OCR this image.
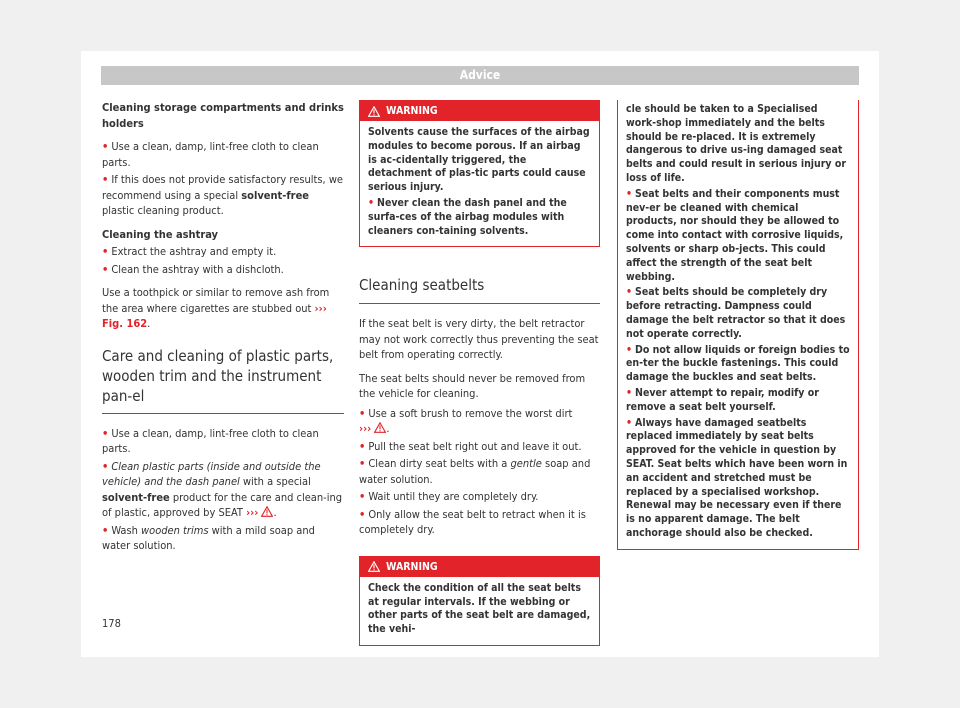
Advice

Cleaning storage compartments and drinks holders

• Use a clean, damp, lint-free cloth to clean parts.

• If this does not provide satisfactory results, we recommend using a special solvent-free plastic cleaning product.

Cleaning the ashtray

• Extract the ashtray and empty it.

• Clean the ashtray with a dishcloth.

Use a toothpick or similar to remove ash from the area where cigarettes are stubbed out ››› Fig. 162.

Care and cleaning of plastic parts, wooden trim and the instrument pan-el

• Use a clean, damp, lint-free cloth to clean parts.

• Clean plastic parts (inside and outside the vehicle) and the dash panel with a special solvent-free product for the care and clean-ing of plastic, approved by SEAT ››› .

• Wash wooden trims with a mild soap and water solution.

WARNING

Solvents cause the surfaces of the airbag modules to become porous. If an airbag is ac-cidentally triggered, the detachment of plas-tic parts could cause serious injury.

• Never clean the dash panel and the surfa-ces of the airbag modules with cleaners con-taining solvents.

Cleaning seatbelts

If the seat belt is very dirty, the belt retractor may not work correctly thus preventing the seat belt from operating correctly.

The seat belts should never be removed from the vehicle for cleaning.

• Use a soft brush to remove the worst dirt
››› .

• Pull the seat belt right out and leave it out.

• Clean dirty seat belts with a gentle soap and water solution.

• Wait until they are completely dry.

• Only allow the seat belt to retract when it is completely dry.

WARNING

Check the condition of all the seat belts at regular intervals. If the webbing or other parts of the seat belt are damaged, the vehi-

cle should be taken to a Specialised work-shop immediately and the belts should be re-placed. It is extremely dangerous to drive us-ing damaged seat belts and could result in serious injury or loss of life.

• Seat belts and their components must nev-er be cleaned with chemical products, nor should they be allowed to come into contact with corrosive liquids, solvents or sharp ob-jects. This could affect the strength of the seat belt webbing.

• Seat belts should be completely dry before retracting. Dampness could damage the belt retractor so that it does not operate correctly.

• Do not allow liquids or foreign bodies to en-ter the buckle fastenings. This could damage the buckles and seat belts.

• Never attempt to repair, modify or remove a seat belt yourself.

• Always have damaged seatbelts replaced immediately by seat belts approved for the vehicle in question by SEAT. Seat belts which have been worn in an accident and stretched must be replaced by a specialised workshop. Renewal may be necessary even if there is no apparent damage. The belt anchorage should also be checked.

178
